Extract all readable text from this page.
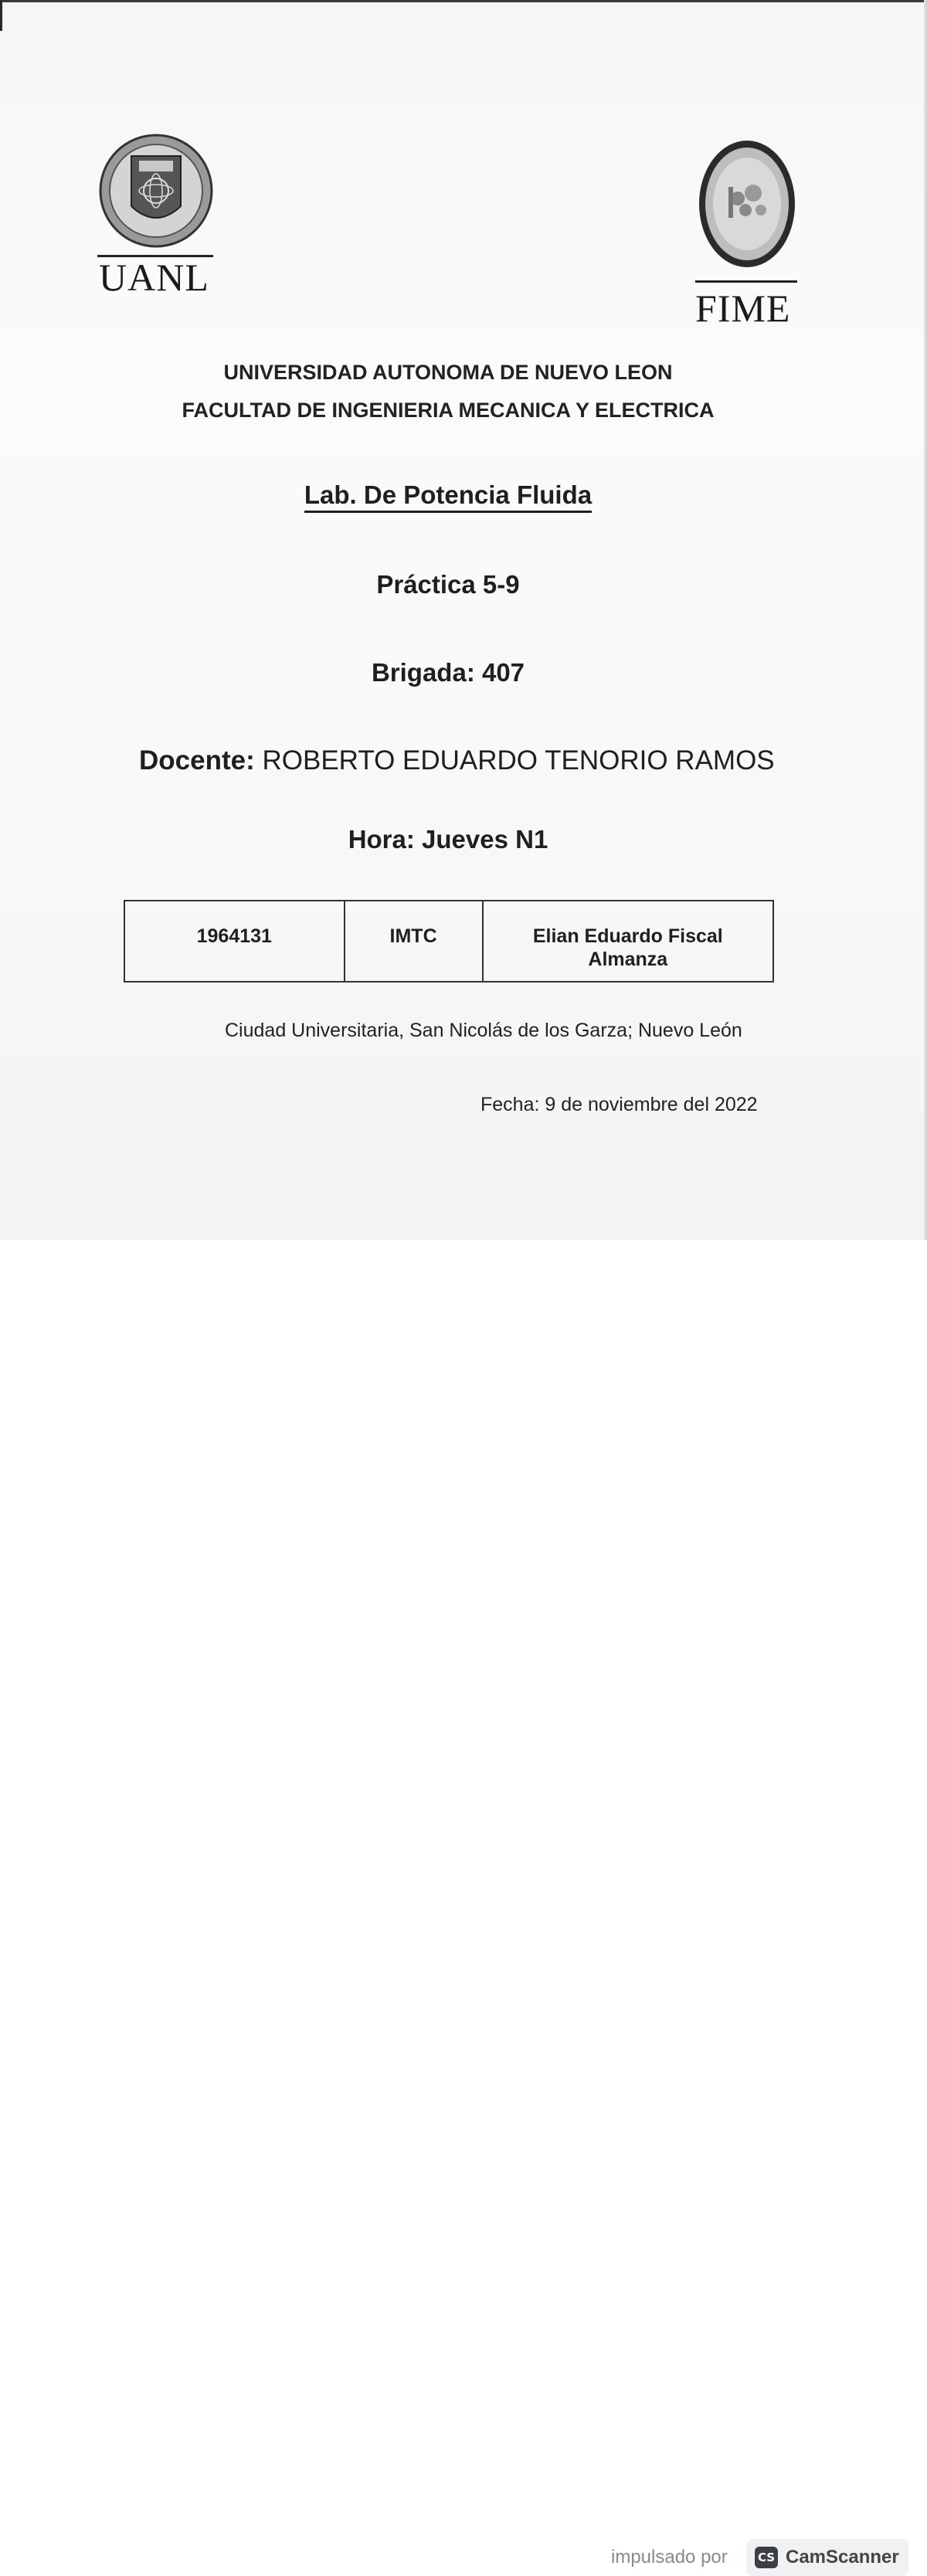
UANL
FIME
UNIVERSIDAD AUTONOMA DE NUEVO LEON
FACULTAD DE INGENIERIA MECANICA Y ELECTRICA
Lab. De Potencia Fluida
Práctica 5-9
Brigada: 407
Docente: ROBERTO EDUARDO TENORIO RAMOS
Hora: Jueves N1
1964131	IMTC	Elian Eduardo Fiscal Almanza
Ciudad Universitaria, San Nicolás de los Garza; Nuevo León
Fecha: 9 de noviembre del 2022
impulsado por	CS CamScanner
